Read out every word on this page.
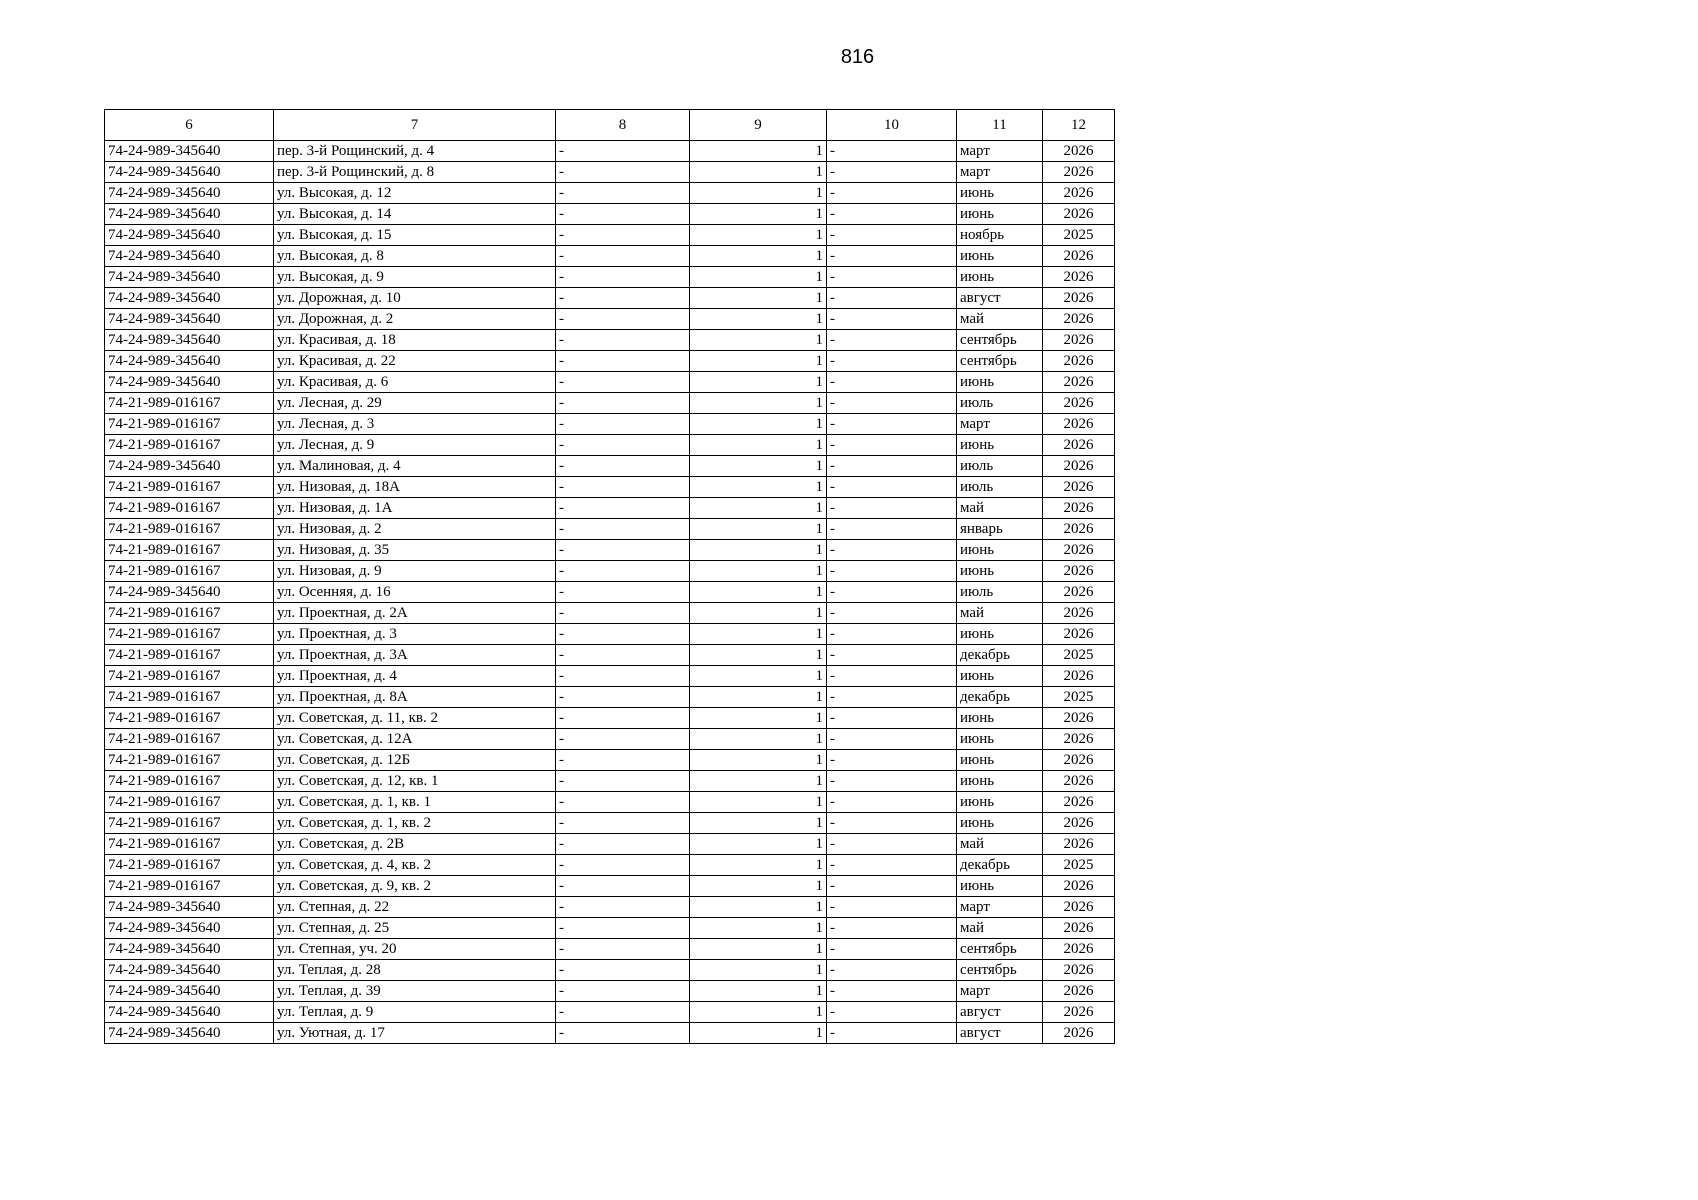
816
6	7	8	9	10	11	12
74-24-989-345640	пер. 3-й Рощинский, д. 4	-	1	-	март	2026
74-24-989-345640	пер. 3-й Рощинский, д. 8	-	1	-	март	2026
74-24-989-345640	ул. Высокая, д. 12	-	1	-	июнь	2026
74-24-989-345640	ул. Высокая, д. 14	-	1	-	июнь	2026
74-24-989-345640	ул. Высокая, д. 15	-	1	-	ноябрь	2025
74-24-989-345640	ул. Высокая, д. 8	-	1	-	июнь	2026
74-24-989-345640	ул. Высокая, д. 9	-	1	-	июнь	2026
74-24-989-345640	ул. Дорожная, д. 10	-	1	-	август	2026
74-24-989-345640	ул. Дорожная, д. 2	-	1	-	май	2026
74-24-989-345640	ул. Красивая, д. 18	-	1	-	сентябрь	2026
74-24-989-345640	ул. Красивая, д. 22	-	1	-	сентябрь	2026
74-24-989-345640	ул. Красивая, д. 6	-	1	-	июнь	2026
74-21-989-016167	ул. Лесная, д. 29	-	1	-	июль	2026
74-21-989-016167	ул. Лесная, д. 3	-	1	-	март	2026
74-21-989-016167	ул. Лесная, д. 9	-	1	-	июнь	2026
74-24-989-345640	ул. Малиновая, д. 4	-	1	-	июль	2026
74-21-989-016167	ул. Низовая, д. 18А	-	1	-	июль	2026
74-21-989-016167	ул. Низовая, д. 1А	-	1	-	май	2026
74-21-989-016167	ул. Низовая, д. 2	-	1	-	январь	2026
74-21-989-016167	ул. Низовая, д. 35	-	1	-	июнь	2026
74-21-989-016167	ул. Низовая, д. 9	-	1	-	июнь	2026
74-24-989-345640	ул. Осенняя, д. 16	-	1	-	июль	2026
74-21-989-016167	ул. Проектная, д. 2А	-	1	-	май	2026
74-21-989-016167	ул. Проектная, д. 3	-	1	-	июнь	2026
74-21-989-016167	ул. Проектная, д. 3А	-	1	-	декабрь	2025
74-21-989-016167	ул. Проектная, д. 4	-	1	-	июнь	2026
74-21-989-016167	ул. Проектная, д. 8А	-	1	-	декабрь	2025
74-21-989-016167	ул. Советская, д. 11, кв. 2	-	1	-	июнь	2026
74-21-989-016167	ул. Советская, д. 12А	-	1	-	июнь	2026
74-21-989-016167	ул. Советская, д. 12Б	-	1	-	июнь	2026
74-21-989-016167	ул. Советская, д. 12, кв. 1	-	1	-	июнь	2026
74-21-989-016167	ул. Советская, д. 1, кв. 1	-	1	-	июнь	2026
74-21-989-016167	ул. Советская, д. 1, кв. 2	-	1	-	июнь	2026
74-21-989-016167	ул. Советская, д. 2В	-	1	-	май	2026
74-21-989-016167	ул. Советская, д. 4, кв. 2	-	1	-	декабрь	2025
74-21-989-016167	ул. Советская, д. 9, кв. 2	-	1	-	июнь	2026
74-24-989-345640	ул. Степная, д. 22	-	1	-	март	2026
74-24-989-345640	ул. Степная, д. 25	-	1	-	май	2026
74-24-989-345640	ул. Степная, уч. 20	-	1	-	сентябрь	2026
74-24-989-345640	ул. Теплая, д. 28	-	1	-	сентябрь	2026
74-24-989-345640	ул. Теплая, д. 39	-	1	-	март	2026
74-24-989-345640	ул. Теплая, д. 9	-	1	-	август	2026
74-24-989-345640	ул. Уютная, д. 17	-	1	-	август	2026
